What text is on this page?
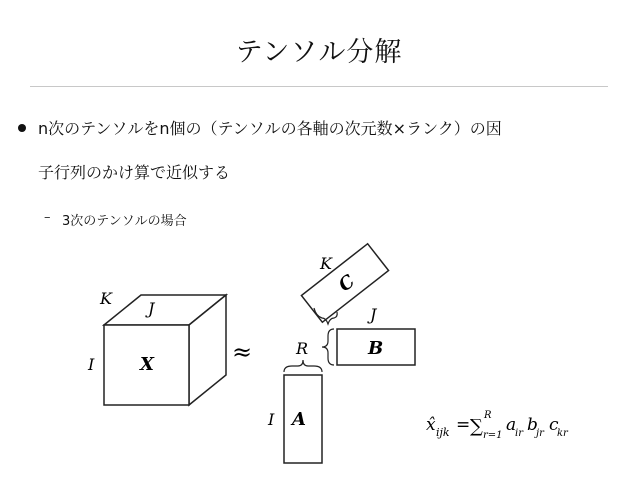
テンソル分解
n次のテンソルをn個の（テンソルの各軸の次元数×ランク）の因
子行列のかけ算で近似する
– 3次のテンソルの場合
X
K
J
I	≈
A
I
R	B
J
C
K
x̂ ijk = ∑
R
r=1
a
ir b
jr c
kr
